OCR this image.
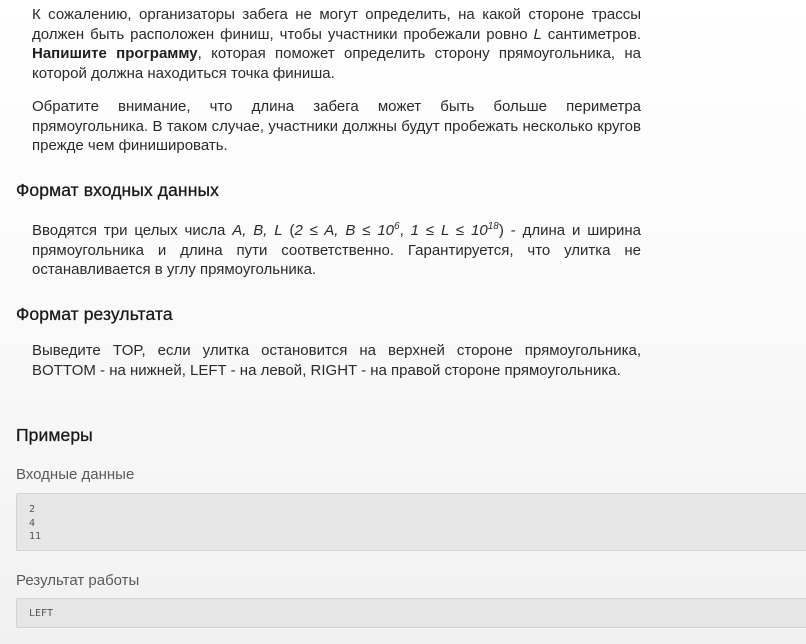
К сожалению, организаторы забега не могут определить, на какой стороне трассы должен быть расположен финиш, чтобы участники пробежали ровно L сантиметров. Напишите программу, которая поможет определить сторону прямоугольника, на которой должна находиться точка финиша.

Обратите внимание, что длина забега может быть больше периметра прямоугольника. В таком случае, участники должны будут пробежать несколько кругов прежде чем финишировать.

Формат входных данных

Вводятся три целых числа A, B, L (2 ≤ A, $B \le 10^6$, $1 \le L \le 10^{18}$) - длина и ширина прямоугольника и длина пути соответственно. Гарантируется, что улитка не останавливается в углу прямоугольника.

Формат результата

Выведите TOP, если улитка остановится на верхней стороне прямоугольника, BOTTOM - на нижней, LEFT - на левой, RIGHT - на правой стороне прямоугольника.

Примеры
Входные данные
2
4
11
Результат работы
LEFT
